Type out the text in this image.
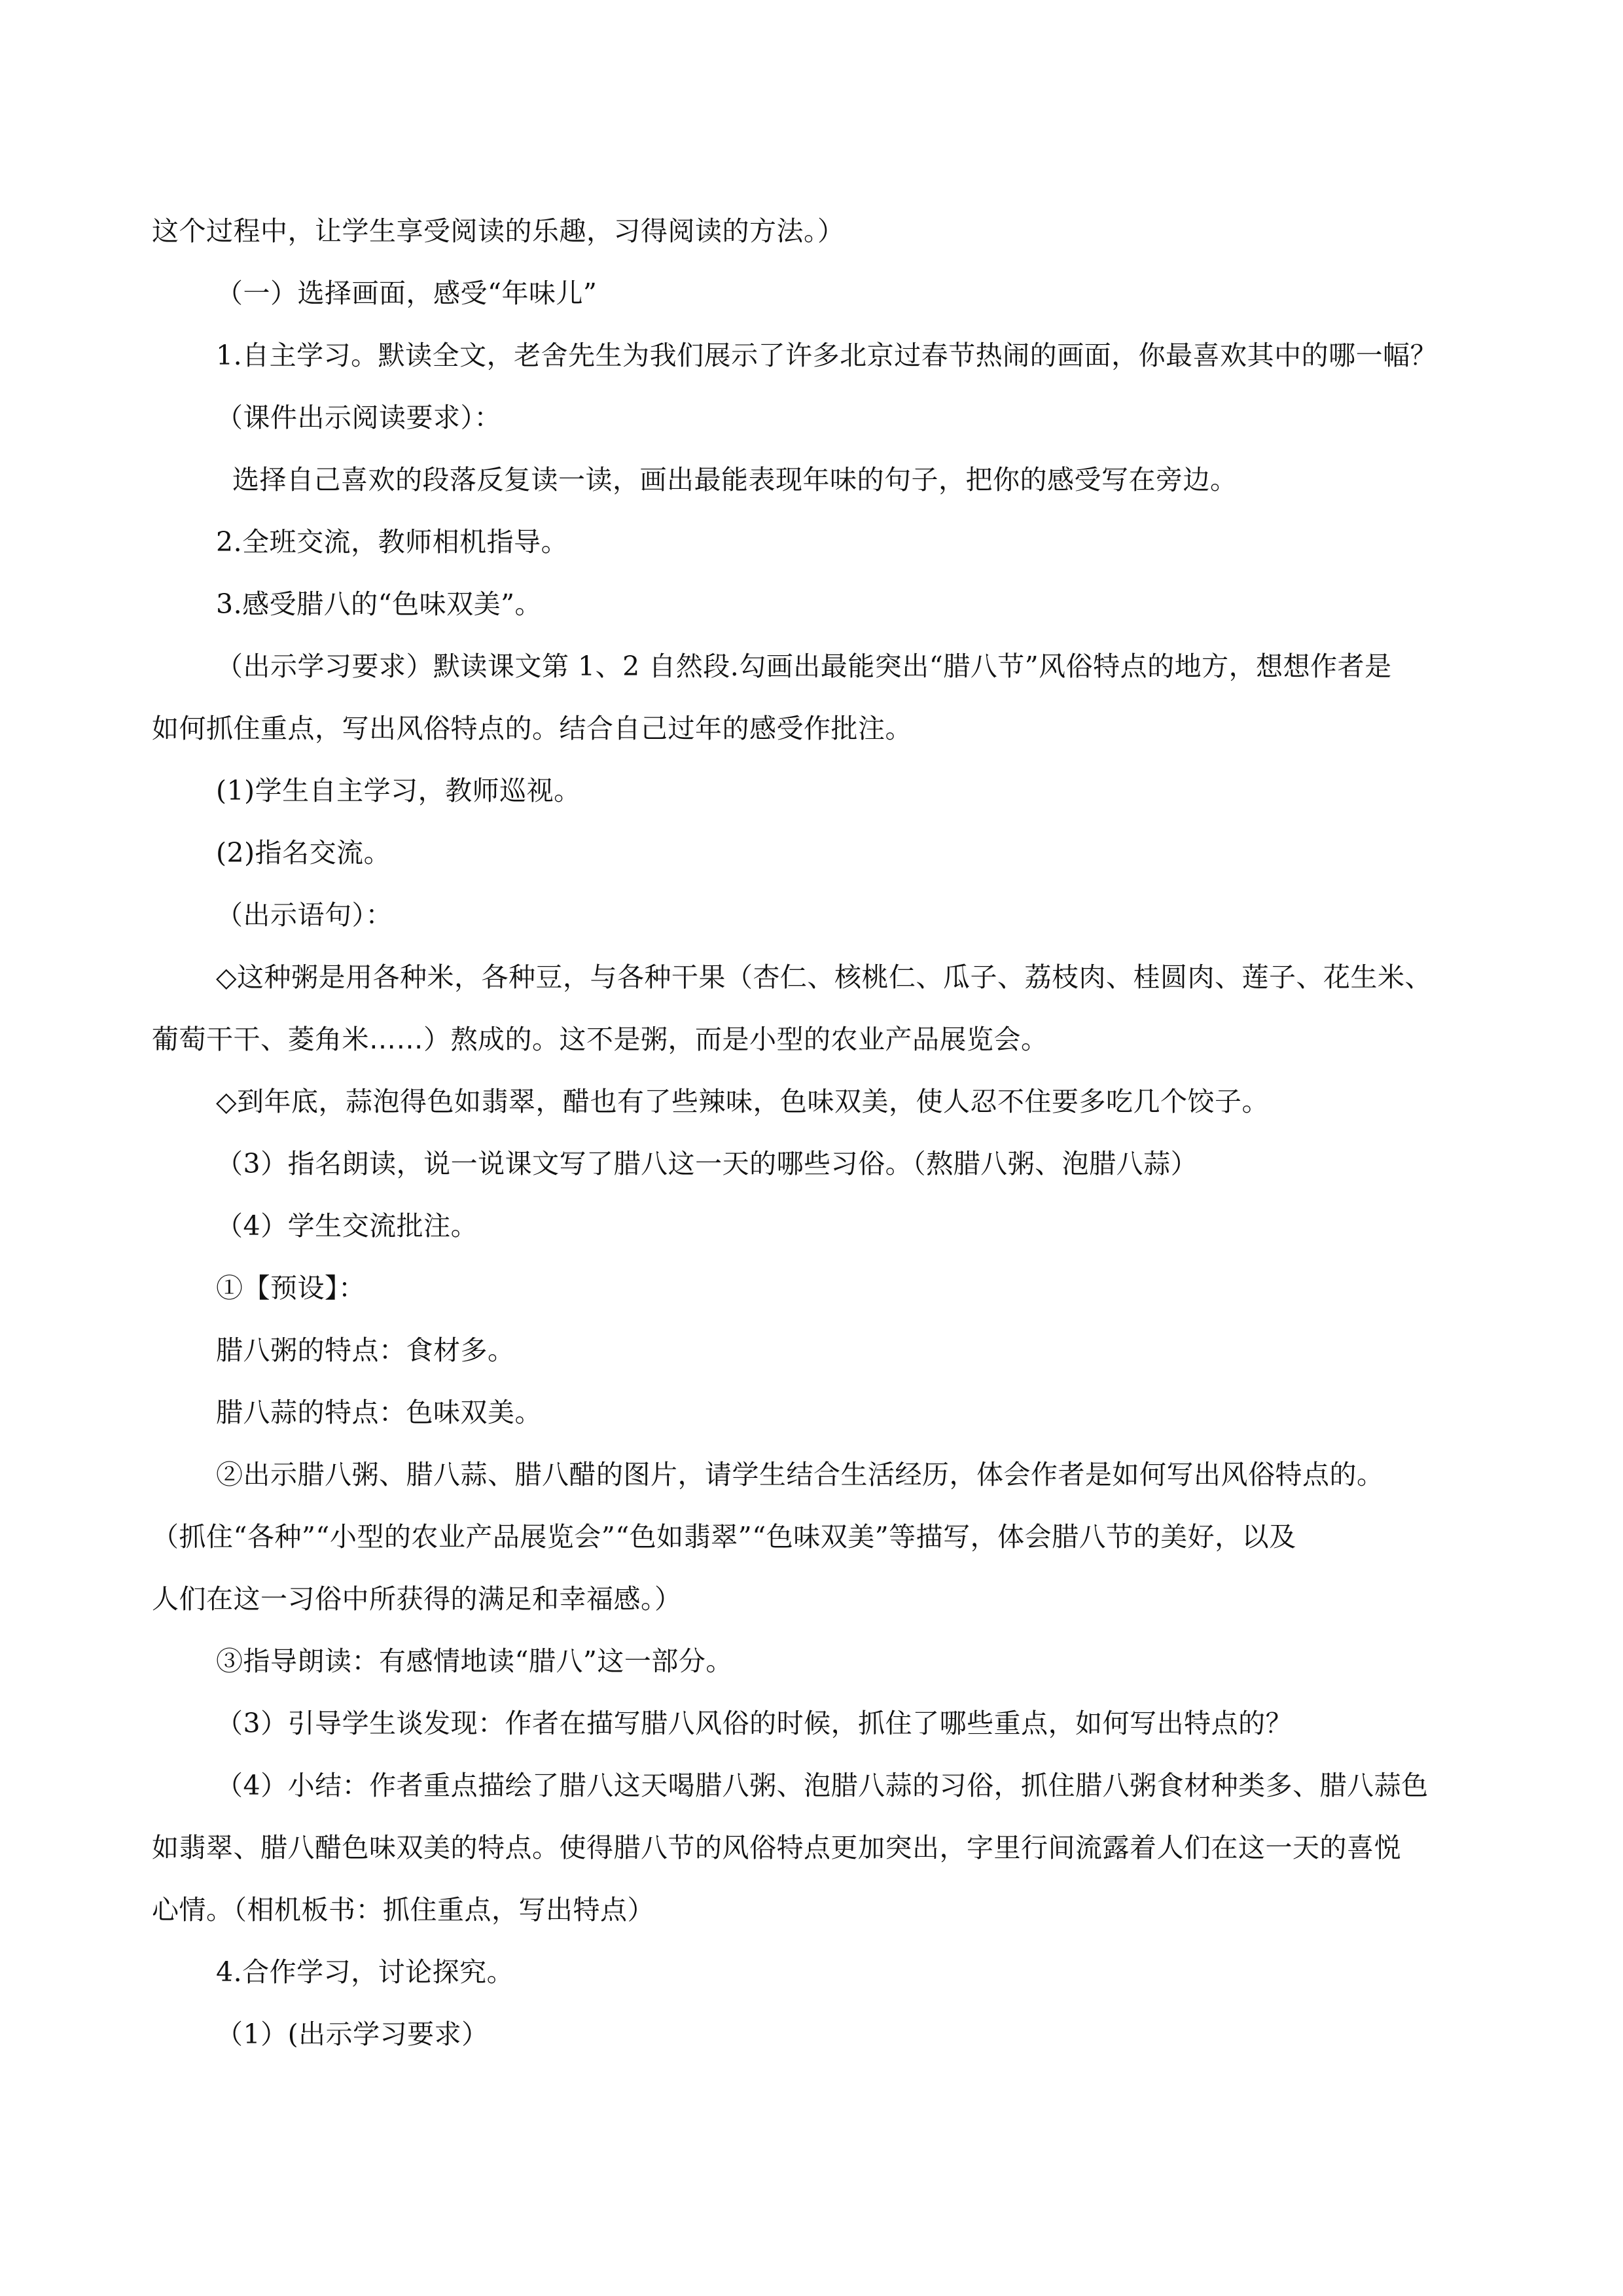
这个过程中，让学生享受阅读的乐趣，习得阅读的方法。）
（一）选择画面，感受“年味儿”
1.自主学习。默读全文，老舍先生为我们展示了许多北京过春节热闹的画面，你最喜欢其中的哪一幅？
（课件出示阅读要求）：
选择自己喜欢的段落反复读一读，画出最能表现年味的句子，把你的感受写在旁边。
2.全班交流，教师相机指导。
3.感受腊八的“色味双美”。
（出示学习要求）默读课文第 1、2 自然段.勾画出最能突出“腊八节”风俗特点的地方，想想作者是
如何抓住重点，写出风俗特点的。结合自己过年的感受作批注。
(1)学生自主学习，教师巡视。
(2)指名交流。
（出示语句）：
◇这种粥是用各种米，各种豆，与各种干果（杏仁、核桃仁、瓜子、荔枝肉、桂圆肉、莲子、花生米、
葡萄干干、菱角米……）熬成的。这不是粥，而是小型的农业产品展览会。
◇到年底，蒜泡得色如翡翠，醋也有了些辣味，色味双美，使人忍不住要多吃几个饺子。
（3）指名朗读，说一说课文写了腊八这一天的哪些习俗。（熬腊八粥、泡腊八蒜）
（4）学生交流批注。
①【预设】：
腊八粥的特点：食材多。
腊八蒜的特点：色味双美。
②出示腊八粥、腊八蒜、腊八醋的图片，请学生结合生活经历，体会作者是如何写出风俗特点的。
（抓住“各种”“小型的农业产品展览会”“色如翡翠”“色味双美”等描写，体会腊八节的美好，以及
人们在这一习俗中所获得的满足和幸福感。）
③指导朗读：有感情地读“腊八”这一部分。
（3）引导学生谈发现：作者在描写腊八风俗的时候，抓住了哪些重点，如何写出特点的？
（4）小结：作者重点描绘了腊八这天喝腊八粥、泡腊八蒜的习俗，抓住腊八粥食材种类多、腊八蒜色
如翡翠、腊八醋色味双美的特点。使得腊八节的风俗特点更加突出，字里行间流露着人们在这一天的喜悦
心情。（相机板书：抓住重点，写出特点）
4.合作学习，讨论探究。
（1）(出示学习要求）
